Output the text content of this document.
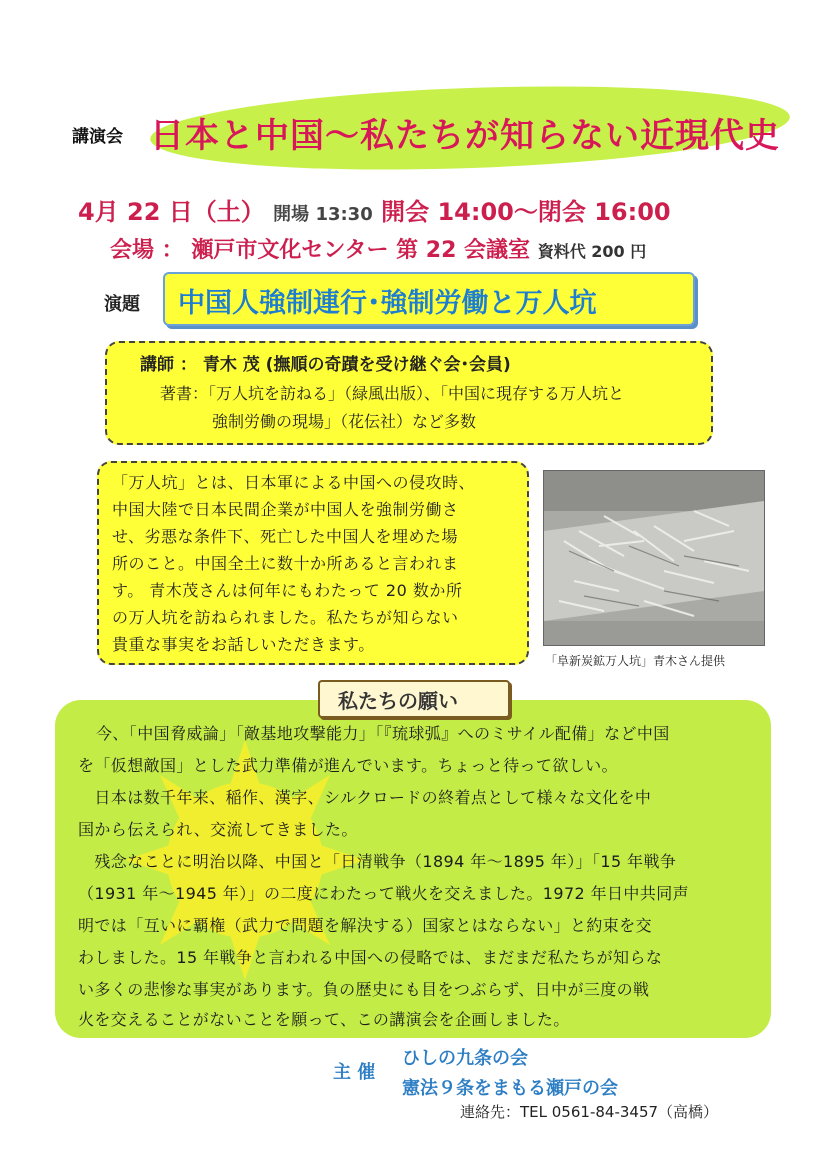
講演会 日本と中国～私たちが知らない近現代史
4月 22 日（土） 開場 13:30 開会 14:00～閉会 16:00
会場 ： 瀬戸市文化センター 第 22 会議室 資料代 200 円
演題 中国人強制連行･強制労働と万人坑
講師 ： 青木 茂 (撫順の奇蹟を受け継ぐ会･会員)
著書：「万人坑を訪ねる」（緑風出版）、「中国に現存する万人坑と
強制労働の現場」（花伝社）など多数
「万人坑」とは、日本軍による中国への侵攻時、
中国大陸で日本民間企業が中国人を強制労働さ
せ、劣悪な条件下、死亡した中国人を埋めた場
所のこと。中国全土に数十か所あると言われま
す。 青木茂さんは何年にもわたって 20 数か所
の万人坑を訪ねられました。私たちが知らない
貴重な事実をお話しいただきます。
「阜新炭鉱万人坑」青木さん提供
私たちの願い
今、「中国脅威論」「敵基地攻撃能力」「『琉球弧』へのミサイル配備」など中国
を「仮想敵国」とした武力準備が進んでいます。ちょっと待って欲しい。
　日本は数千年来、稲作、漢字、シルクロードの終着点として様々な文化を中
国から伝えられ、交流してきました。
　残念なことに明治以降、中国と「日清戦争（1894 年～1895 年）」「15 年戦争
（1931 年～1945 年）」の二度にわたって戦火を交えました。1972 年日中共同声
明では「互いに覇権（武力で問題を解決する）国家とはならない」と約束を交
わしました。15 年戦争と言われる中国への侵略では、まだまだ私たちが知らな
い多くの悲惨な事実があります。負の歴史にも目をつぶらず、日中が三度の戦
火を交えることがないことを願って、この講演会を企画しました。
主 催
ひしの九条の会
憲法９条をまもる瀬戸の会
連絡先：TEL 0561-84-3457（高橋）
